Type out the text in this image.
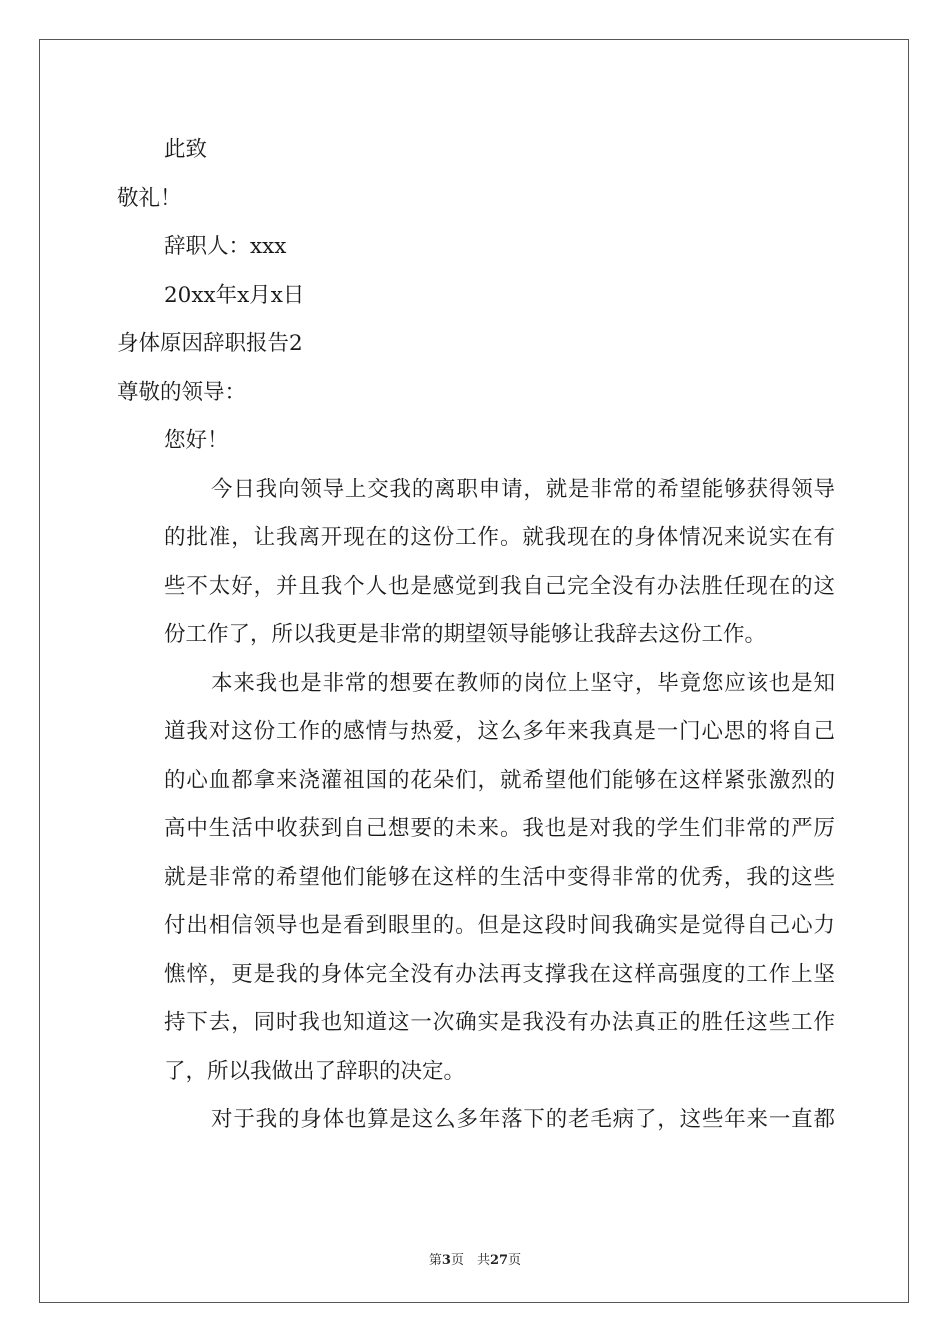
此致
敬礼！
辞职人：xxx
20xx年x月x日
身体原因辞职报告2
尊敬的领导：
您好！
今日我向领导上交我的离职申请，就是非常的希望能够获得领导
的批准，让我离开现在的这份工作。就我现在的身体情况来说实在有
些不太好，并且我个人也是感觉到我自己完全没有办法胜任现在的这
份工作了，所以我更是非常的期望领导能够让我辞去这份工作。
本来我也是非常的想要在教师的岗位上坚守，毕竟您应该也是知
道我对这份工作的感情与热爱，这么多年来我真是一门心思的将自己
的心血都拿来浇灌祖国的花朵们，就希望他们能够在这样紧张激烈的
高中生活中收获到自己想要的未来。我也是对我的学生们非常的严厉
就是非常的希望他们能够在这样的生活中变得非常的优秀，我的这些
付出相信领导也是看到眼里的。但是这段时间我确实是觉得自己心力
憔悴，更是我的身体完全没有办法再支撑我在这样高强度的工作上坚
持下去，同时我也知道这一次确实是我没有办法真正的胜任这些工作
了，所以我做出了辞职的决定。
对于我的身体也算是这么多年落下的老毛病了，这些年来一直都
第3页　共27页
